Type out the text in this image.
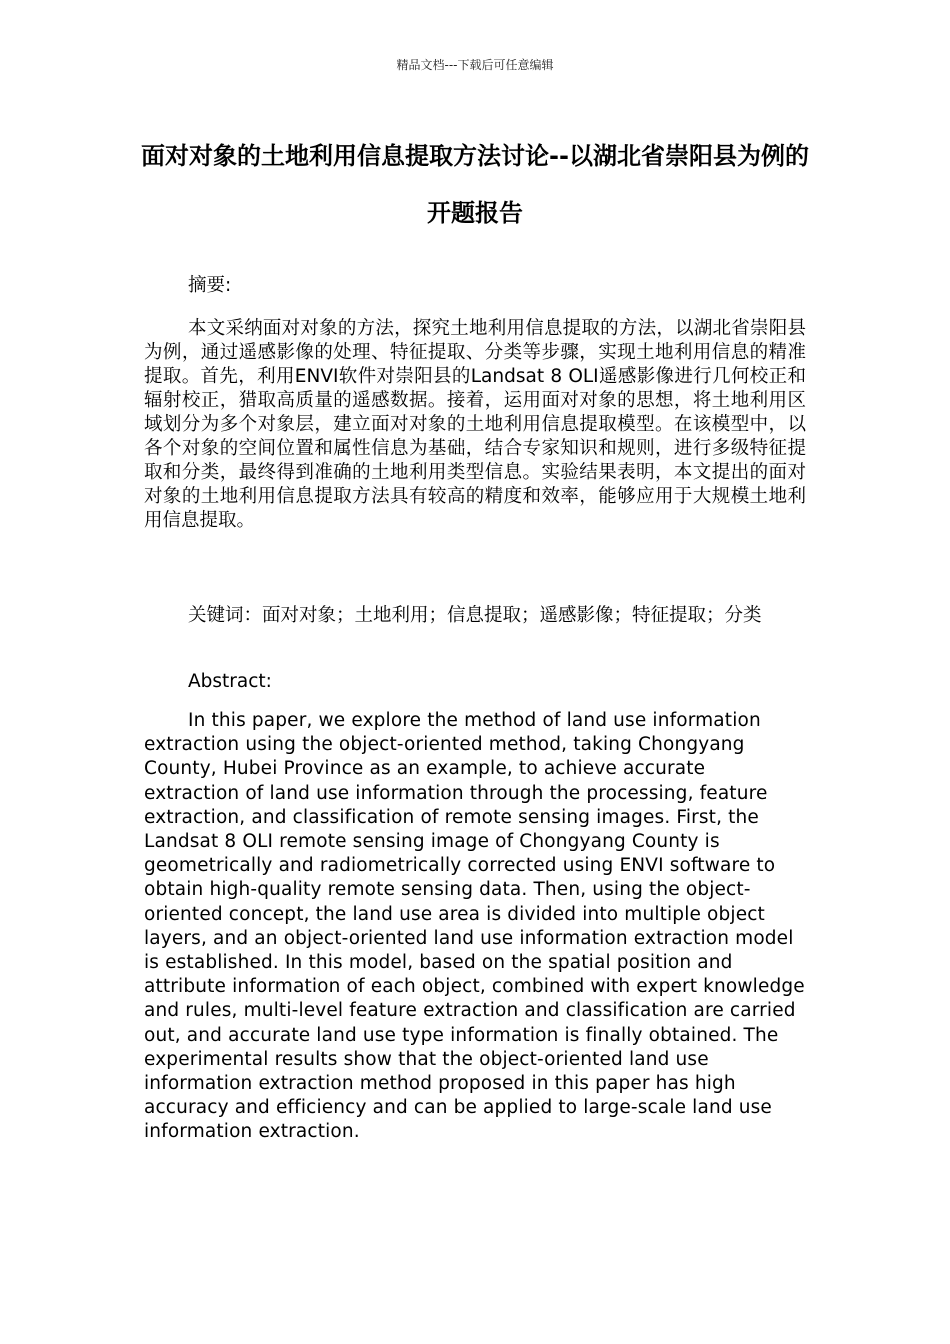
精品文档---下载后可任意编辑
面对对象的土地利用信息提取方法讨论--以湖北省崇阳县为例的开题报告

摘要:

本文采纳面对对象的方法，探究土地利用信息提取的方法，以湖北省崇阳县为例，通过遥感影像的处理、特征提取、分类等步骤，实现土地利用信息的精准提取。首先，利用ENVI软件对崇阳县的Landsat 8 OLI遥感影像进行几何校正和辐射校正，猎取高质量的遥感数据。接着，运用面对对象的思想，将土地利用区域划分为多个对象层，建立面对对象的土地利用信息提取模型。在该模型中，以各个对象的空间位置和属性信息为基础，结合专家知识和规则，进行多级特征提取和分类，最终得到准确的土地利用类型信息。实验结果表明，本文提出的面对对象的土地利用信息提取方法具有较高的精度和效率，能够应用于大规模土地利用信息提取。

关键词：面对对象；土地利用；信息提取；遥感影像；特征提取；分类

Abstract:

In this paper, we explore the method of land use information extraction using the object-oriented method, taking Chongyang County, Hubei Province as an example, to achieve accurate extraction of land use information through the processing, feature extraction, and classification of remote sensing images. First, the Landsat 8 OLI remote sensing image of Chongyang County is geometrically and radiometrically corrected using ENVI software to obtain high-quality remote sensing data. Then, using the object-oriented concept, the land use area is divided into multiple object layers, and an object-oriented land use information extraction model is established. In this model, based on the spatial position and attribute information of each object, combined with expert knowledge and rules, multi-level feature extraction and classification are carried out, and accurate land use type information is finally obtained. The experimental results show that the object-oriented land use information extraction method proposed in this paper has high accuracy and efficiency and can be applied to large-scale land use information extraction.
